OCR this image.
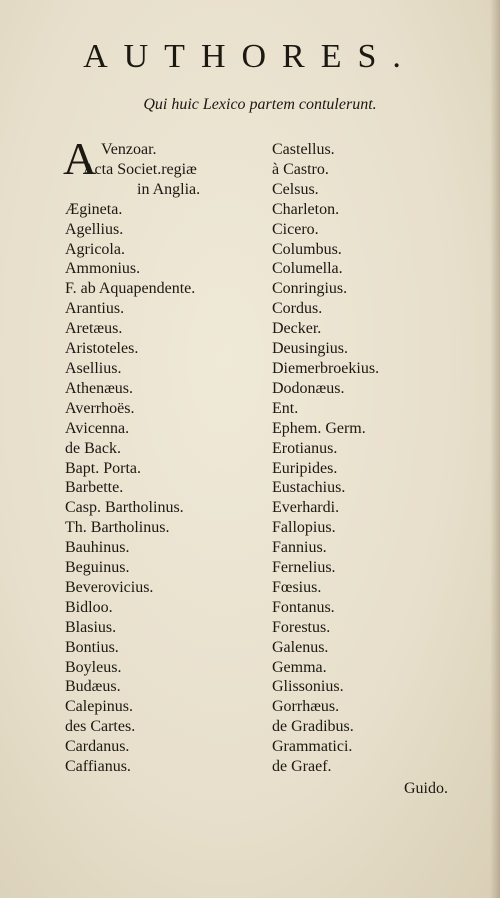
AUTHORES.
Qui huic Lexico partem contulerunt.
A Venzoar.
Acta Societ.regiæ
in Anglia.
Ægineta.
Agellius.
Agricola.
Ammonius.
F. ab Aquapendente.
Arantius.
Aretæus.
Aristoteles.
Asellius.
Athenæus.
Averrhoës.
Avicenna.
de Back.
Bapt. Porta.
Barbette.
Casp. Bartholinus.
Th. Bartholinus.
Bauhinus.
Beguinus.
Beverovicius.
Bidloo.
Blasius.
Bontius.
Boyleus.
Budæus.
Calepinus.
des Cartes.
Cardanus.
Caffianus.
Castellus.
à Castro.
Celsus.
Charleton.
Cicero.
Columbus.
Columella.
Conringius.
Cordus.
Decker.
Deusingius.
Diemerbroekius.
Dodonæus.
Ent.
Ephem. Germ.
Erotianus.
Euripides.
Eustachius.
Everhardi.
Fallopius.
Fannius.
Fernelius.
Fœsius.
Fontanus.
Forestus.
Galenus.
Gemma.
Glissonius.
Gorrhæus.
de Gradibus.
Grammatici.
de Graef.
Guido.
